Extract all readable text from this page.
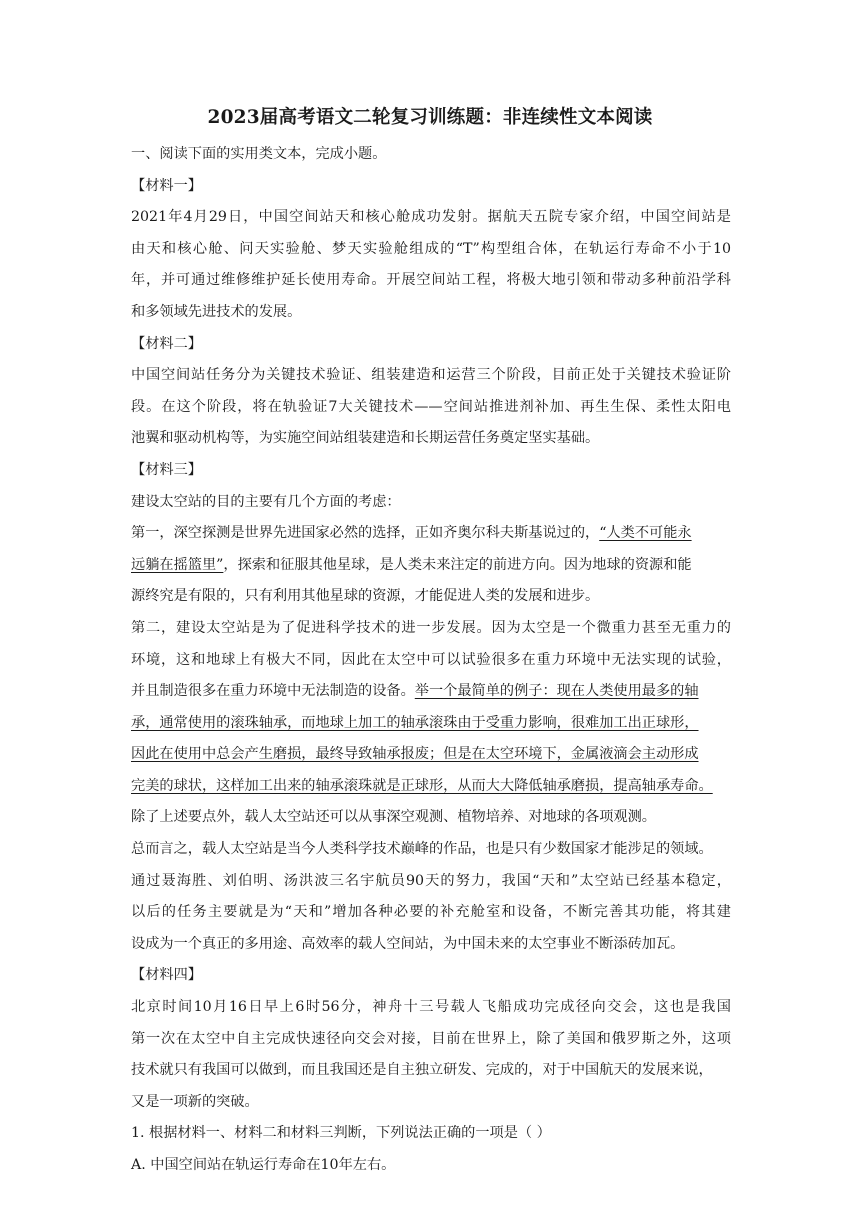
2023届高考语文二轮复习训练题：非连续性文本阅读
一、阅读下面的实用类文本，完成小题。
【材料一】
2021年4月29日，中国空间站天和核心舱成功发射。据航天五院专家介绍，中国空间站是
由天和核心舱、问天实验舱、梦天实验舱组成的“T”构型组合体，在轨运行寿命不小于10
年，并可通过维修维护延长使用寿命。开展空间站工程，将极大地引领和带动多种前沿学科
和多领域先进技术的发展。
【材料二】
中国空间站任务分为关键技术验证、组装建造和运营三个阶段，目前正处于关键技术验证阶
段。在这个阶段，将在轨验证7大关键技术——空间站推进剂补加、再生生保、柔性太阳电
池翼和驱动机构等，为实施空间站组装建造和长期运营任务奠定坚实基础。
【材料三】
建设太空站的目的主要有几个方面的考虑：
第一，深空探测是世界先进国家必然的选择，正如齐奥尔科夫斯基说过的，“人类不可能永
远躺在摇篮里”，探索和征服其他星球，是人类未来注定的前进方向。因为地球的资源和能
源终究是有限的，只有利用其他星球的资源，才能促进人类的发展和进步。
第二，建设太空站是为了促进科学技术的进一步发展。因为太空是一个微重力甚至无重力的
环境，这和地球上有极大不同，因此在太空中可以试验很多在重力环境中无法实现的试验，
并且制造很多在重力环境中无法制造的设备。举一个最简单的例子：现在人类使用最多的轴
承，通常使用的滚珠轴承，而地球上加工的轴承滚珠由于受重力影响，很难加工出正球形，
因此在使用中总会产生磨损，最终导致轴承报废；但是在太空环境下，金属液滴会主动形成
完美的球状，这样加工出来的轴承滚珠就是正球形，从而大大降低轴承磨损，提高轴承寿命。
除了上述要点外，载人太空站还可以从事深空观测、植物培养、对地球的各项观测。
总而言之，载人太空站是当今人类科学技术巅峰的作品，也是只有少数国家才能涉足的领域。
通过聂海胜、刘伯明、汤洪波三名宇航员90天的努力，我国“天和”太空站已经基本稳定，
以后的任务主要就是为“天和”增加各种必要的补充舱室和设备，不断完善其功能，将其建
设成为一个真正的多用途、高效率的载人空间站，为中国未来的太空事业不断添砖加瓦。
【材料四】
北京时间10月16日早上6时56分，神舟十三号载人飞船成功完成径向交会，这也是我国
第一次在太空中自主完成快速径向交会对接，目前在世界上，除了美国和俄罗斯之外，这项
技术就只有我国可以做到，而且我国还是自主独立研发、完成的，对于中国航天的发展来说，
又是一项新的突破。
1. 根据材料一、材料二和材料三判断，下列说法正确的一项是（ ）
A. 中国空间站在轨运行寿命在10年左右。
